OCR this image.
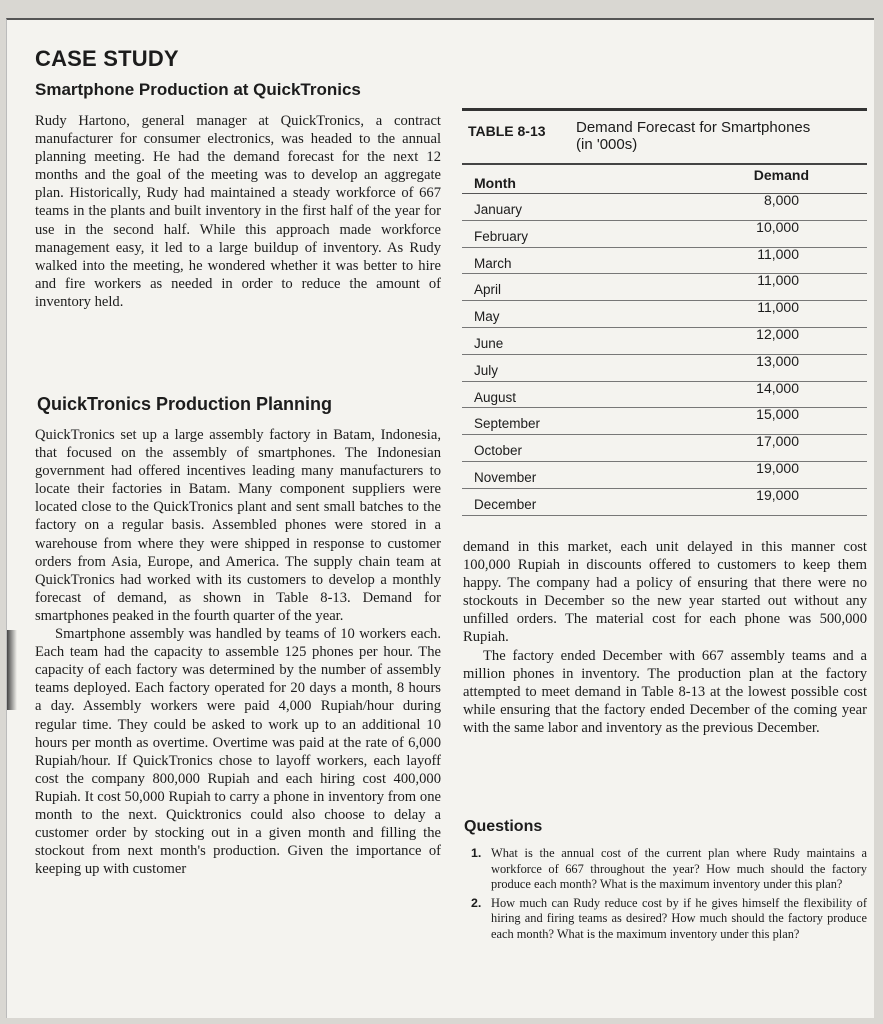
CASE STUDY
Smartphone Production at QuickTronics

Rudy Hartono, general manager at QuickTronics, a contract manufacturer for consumer electronics, was headed to the annual planning meeting. He had the demand forecast for the next 12 months and the goal of the meeting was to develop an aggregate plan. Historically, Rudy had maintained a steady workforce of 667 teams in the plants and built inventory in the first half of the year for use in the second half. While this approach made workforce management easy, it led to a large buildup of inventory. As Rudy walked into the meeting, he wondered whether it was better to hire and fire workers as needed in order to reduce the amount of inventory held.

QuickTronics Production Planning

QuickTronics set up a large assembly factory in Batam, Indonesia, that focused on the assembly of smartphones. The Indonesian government had offered incentives leading many manufacturers to locate their factories in Batam. Many component suppliers were located close to the QuickTronics plant and sent small batches to the factory on a regular basis. Assembled phones were stored in a warehouse from where they were shipped in response to customer orders from Asia, Europe, and America. The supply chain team at QuickTronics had worked with its customers to develop a monthly forecast of demand, as shown in Table 8-13. Demand for smartphones peaked in the fourth quarter of the year.

Smartphone assembly was handled by teams of 10 workers each. Each team had the capacity to assemble 125 phones per hour. The capacity of each factory was determined by the number of assembly teams deployed. Each factory operated for 20 days a month, 8 hours a day. Assembly workers were paid 4,000 Rupiah/hour during regular time. They could be asked to work up to an additional 10 hours per month as overtime. Overtime was paid at the rate of 6,000 Rupiah/hour. If QuickTronics chose to layoff workers, each layoff cost the company 800,000 Rupiah and each hiring cost 400,000 Rupiah. It cost 50,000 Rupiah to carry a phone in inventory from one month to the next. Quicktronics could also choose to delay a customer order by stocking out in a given month and filling the stockout from next month's production. Given the importance of keeping up with customer

TABLE 8-13 Demand Forecast for Smartphones
(in '000s)
Month	Demand
January
8,000
February
10,000
March
11,000
April
11,000
May
11,000
June
12,000
July
13,000
August
14,000
September
15,000
October
17,000
November
19,000
December
19,000

demand in this market, each unit delayed in this manner cost 100,000 Rupiah in discounts offered to customers to keep them happy. The company had a policy of ensuring that there were no stockouts in December so the new year started out without any unfilled orders. The material cost for each phone was 500,000 Rupiah.

The factory ended December with 667 assembly teams and a million phones in inventory. The production plan at the factory attempted to meet demand in Table 8-13 at the lowest possible cost while ensuring that the factory ended December of the coming year with the same labor and inventory as the previous December.

Questions
1. What is the annual cost of the current plan where Rudy maintains a workforce of 667 throughout the year? How much should the factory produce each month? What is the maximum inventory under this plan?
2. How much can Rudy reduce cost by if he gives himself the flexibility of hiring and firing teams as desired? How much should the factory produce each month? What is the maximum inventory under this plan?
